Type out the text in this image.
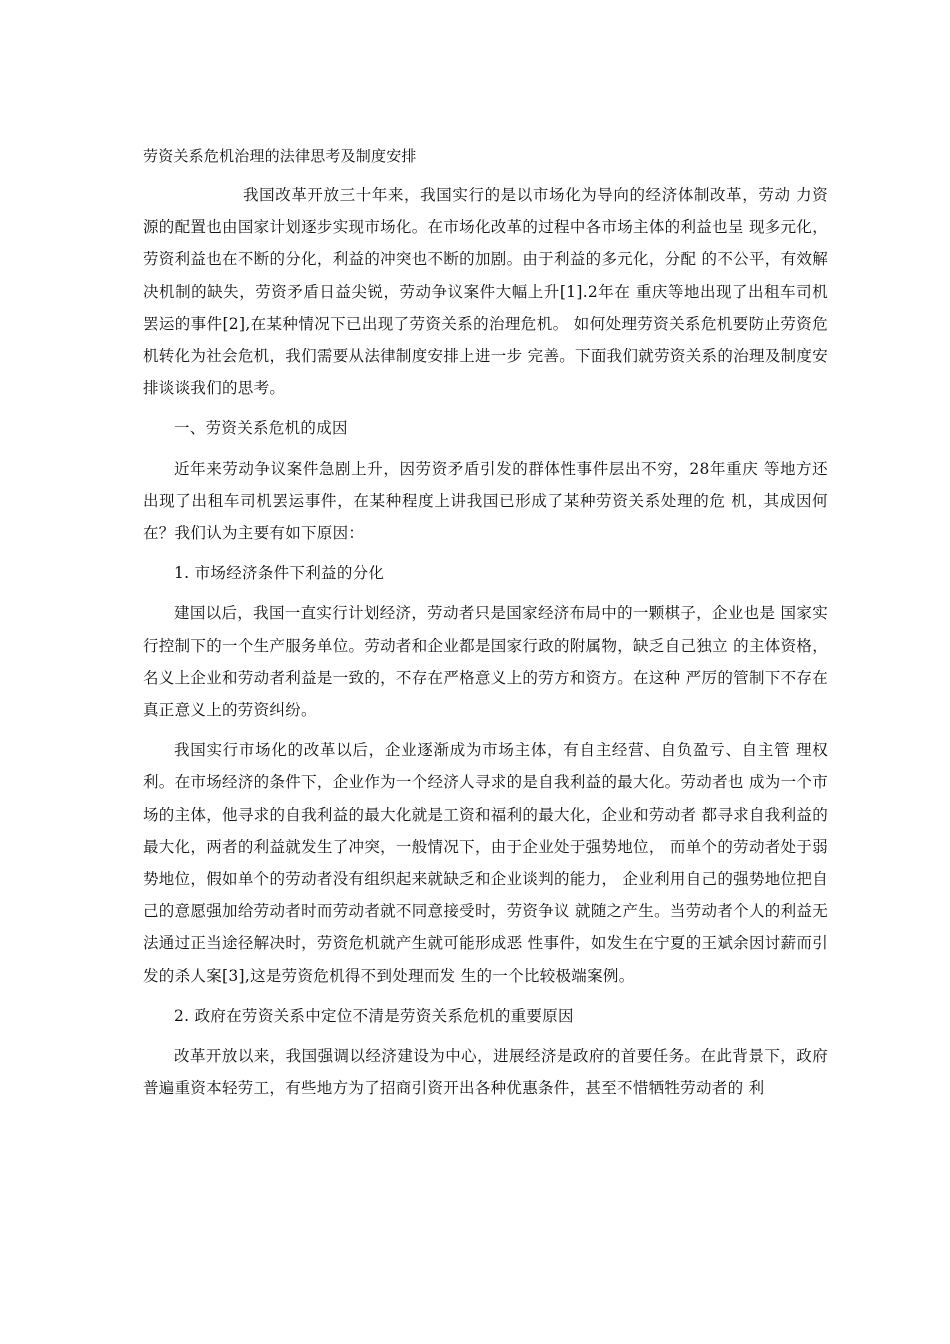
劳资关系危机治理的法律思考及制度安排

我国改革开放三十年来，我国实行的是以市场化为导向的经济体制改革，劳动 力资源的配置也由国家计划逐步实现市场化。在市场化改革的过程中各市场主体的利益也呈 现多元化，劳资利益也在不断的分化，利益的冲突也不断的加剧。由于利益的多元化，分配 的不公平，有效解决机制的缺失，劳资矛盾日益尖锐，劳动争议案件大幅上升[1].2年在 重庆等地出现了出租车司机罢运的事件[2],在某种情况下已出现了劳资关系的治理危机。 如何处理劳资关系危机要防止劳资危机转化为社会危机，我们需要从法律制度安排上进一步 完善。下面我们就劳资关系的治理及制度安排谈谈我们的思考。

一、劳资关系危机的成因

近年来劳动争议案件急剧上升，因劳资矛盾引发的群体性事件层出不穷，28年重庆 等地方还出现了出租车司机罢运事件，在某种程度上讲我国已形成了某种劳资关系处理的危 机，其成因何在？我们认为主要有如下原因：

1. 市场经济条件下利益的分化

建国以后，我国一直实行计划经济，劳动者只是国家经济布局中的一颗棋子，企业也是 国家实行控制下的一个生产服务单位。劳动者和企业都是国家行政的附属物，缺乏自己独立 的主体资格，名义上企业和劳动者利益是一致的，不存在严格意义上的劳方和资方。在这种 严厉的管制下不存在真正意义上的劳资纠纷。

我国实行市场化的改革以后，企业逐渐成为市场主体，有自主经营、自负盈亏、自主管 理权利。在市场经济的条件下，企业作为一个经济人寻求的是自我利益的最大化。劳动者也 成为一个市场的主体，他寻求的自我利益的最大化就是工资和福利的最大化，企业和劳动者 都寻求自我利益的最大化，两者的利益就发生了冲突，一般情况下，由于企业处于强势地位， 而单个的劳动者处于弱势地位，假如单个的劳动者没有组织起来就缺乏和企业谈判的能力， 企业利用自己的强势地位把自己的意愿强加给劳动者时而劳动者就不同意接受时，劳资争议 就随之产生。当劳动者个人的利益无法通过正当途径解决时，劳资危机就产生就可能形成恶 性事件，如发生在宁夏的王斌余因讨薪而引发的杀人案[3],这是劳资危机得不到处理而发 生的一个比较极端案例。

2. 政府在劳资关系中定位不清是劳资关系危机的重要原因

改革开放以来，我国强调以经济建设为中心，进展经济是政府的首要任务。在此背景下，政府普遍重资本轻劳工，有些地方为了招商引资开出各种优惠条件，甚至不惜牺牲劳动者的 利
